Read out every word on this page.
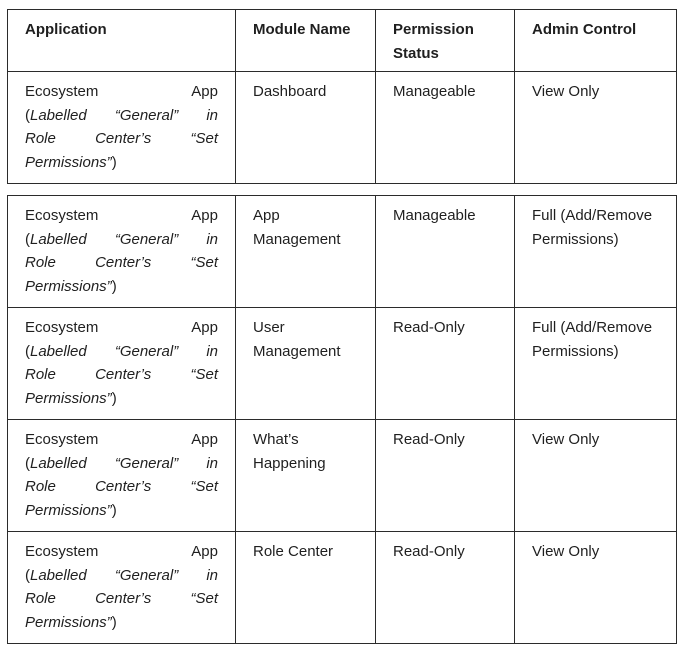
Application	Module Name	Permission Status	Admin Control

Ecosystem App
(Labelled “General” in
Role Center’s “Set
Permissions”)	Dashboard	Manageable	View Only
Ecosystem App
(Labelled “General” in
Role Center’s “Set
Permissions”)	App Management	Manageable	Full (Add/Remove Permissions)

Ecosystem App
(Labelled “General” in
Role Center’s “Set
Permissions”)	User Management	Read-Only	Full (Add/Remove Permissions)

Ecosystem App
(Labelled “General” in
Role Center’s “Set
Permissions”)	What’s Happening	Read-Only	View Only

Ecosystem App
(Labelled “General” in
Role Center’s “Set
Permissions”)	Role Center	Read-Only	View Only
